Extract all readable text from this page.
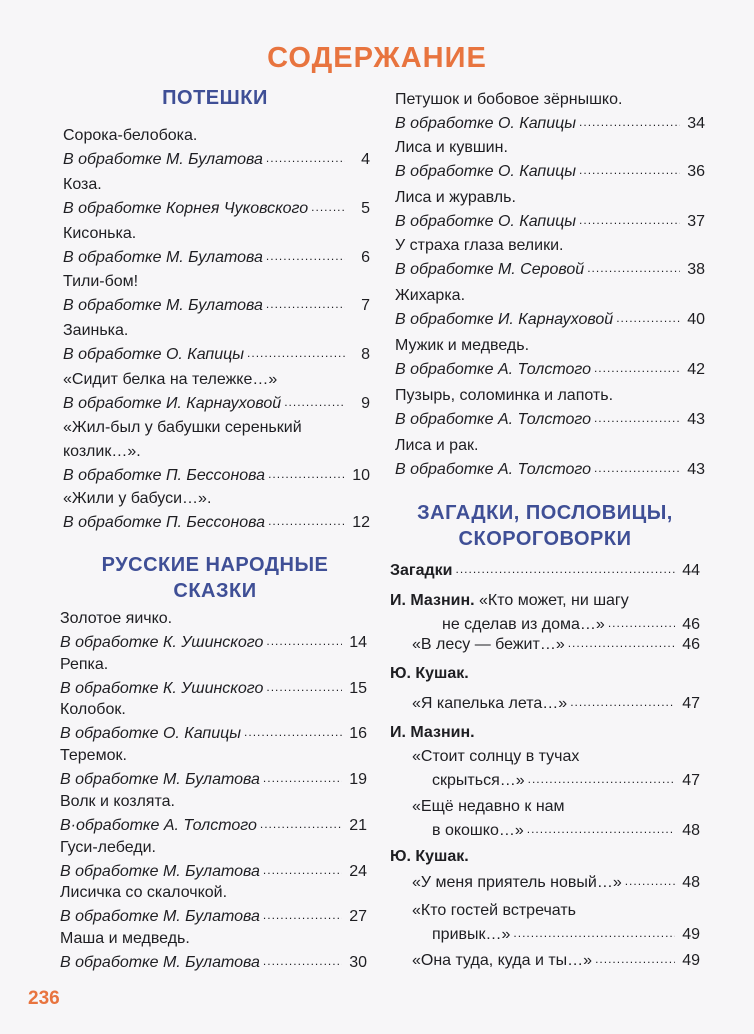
СОДЕРЖАНИЕ
ПОТЕШКИ
Сорока-белобока.
В обработке М. Булатова .....	4
Коза.
В обработке Корнея Чуковского .....	5
Кисонька.
В обработке М. Булатова .....	6
Тили-бом!
В обработке М. Булатова .....	7
Заинька.
В обработке О. Капицы .....	8
«Сидит белка на тележке…»
В обработке И. Карнауховой .....	9
«Жил-был у бабушки серенький
козлик…».
В обработке П. Бессонова .....	10
«Жили у бабуси…».
В обработке П. Бессонова .....	12
РУССКИЕ НАРОДНЫЕ
СКАЗКИ
Золотое яичко.
В обработке К. Ушинского .....	14
Репка.
В обработке К. Ушинского .....	15
Колобок.
В обработке О. Капицы .....	16
Теремок.
В обработке М. Булатова .....	19
Волк и козлята.
В·обработке А. Толстого .....	21
Гуси-лебеди.
В обработке М. Булатова .....	24
Лисичка со скалочкой.
В обработке М. Булатова .....	27
Маша и медведь.
В обработке М. Булатова .....	30
Петушок и бобовое зёрнышко.
В обработке О. Капицы .....	34
Лиса и кувшин.
В обработке О. Капицы .....	36
Лиса и журавль.
В обработке О. Капицы .....	37
У страха глаза велики.
В обработке М. Серовой .....	38
Жихарка.
В обработке И. Карнауховой .....	40
Мужик и медведь.
В обработке А. Толстого .....	42
Пузырь, соломинка и лапоть.
В обработке А. Толстого .....	43
Лиса и рак.
В обработке А. Толстого .....	43
ЗАГАДКИ, ПОСЛОВИЦЫ,
СКОРОГОВОРКИ
Загадки .....	44
И. Мазнин. «Кто может, ни шагу
не сделав из дома…» .....	46
«В лесу — бежит…» .....	46
Ю. Кушак.
«Я капелька лета…» .....	47
И. Мазнин.
«Стоит солнцу в тучах
скрыться…» .....	47
«Ещё недавно к нам
в окошко…» .....	48
Ю. Кушак.
«У меня приятель новый…» .....	48
«Кто гостей встречать
привык…» .....	49
«Она туда, куда и ты…» .....	49
236
